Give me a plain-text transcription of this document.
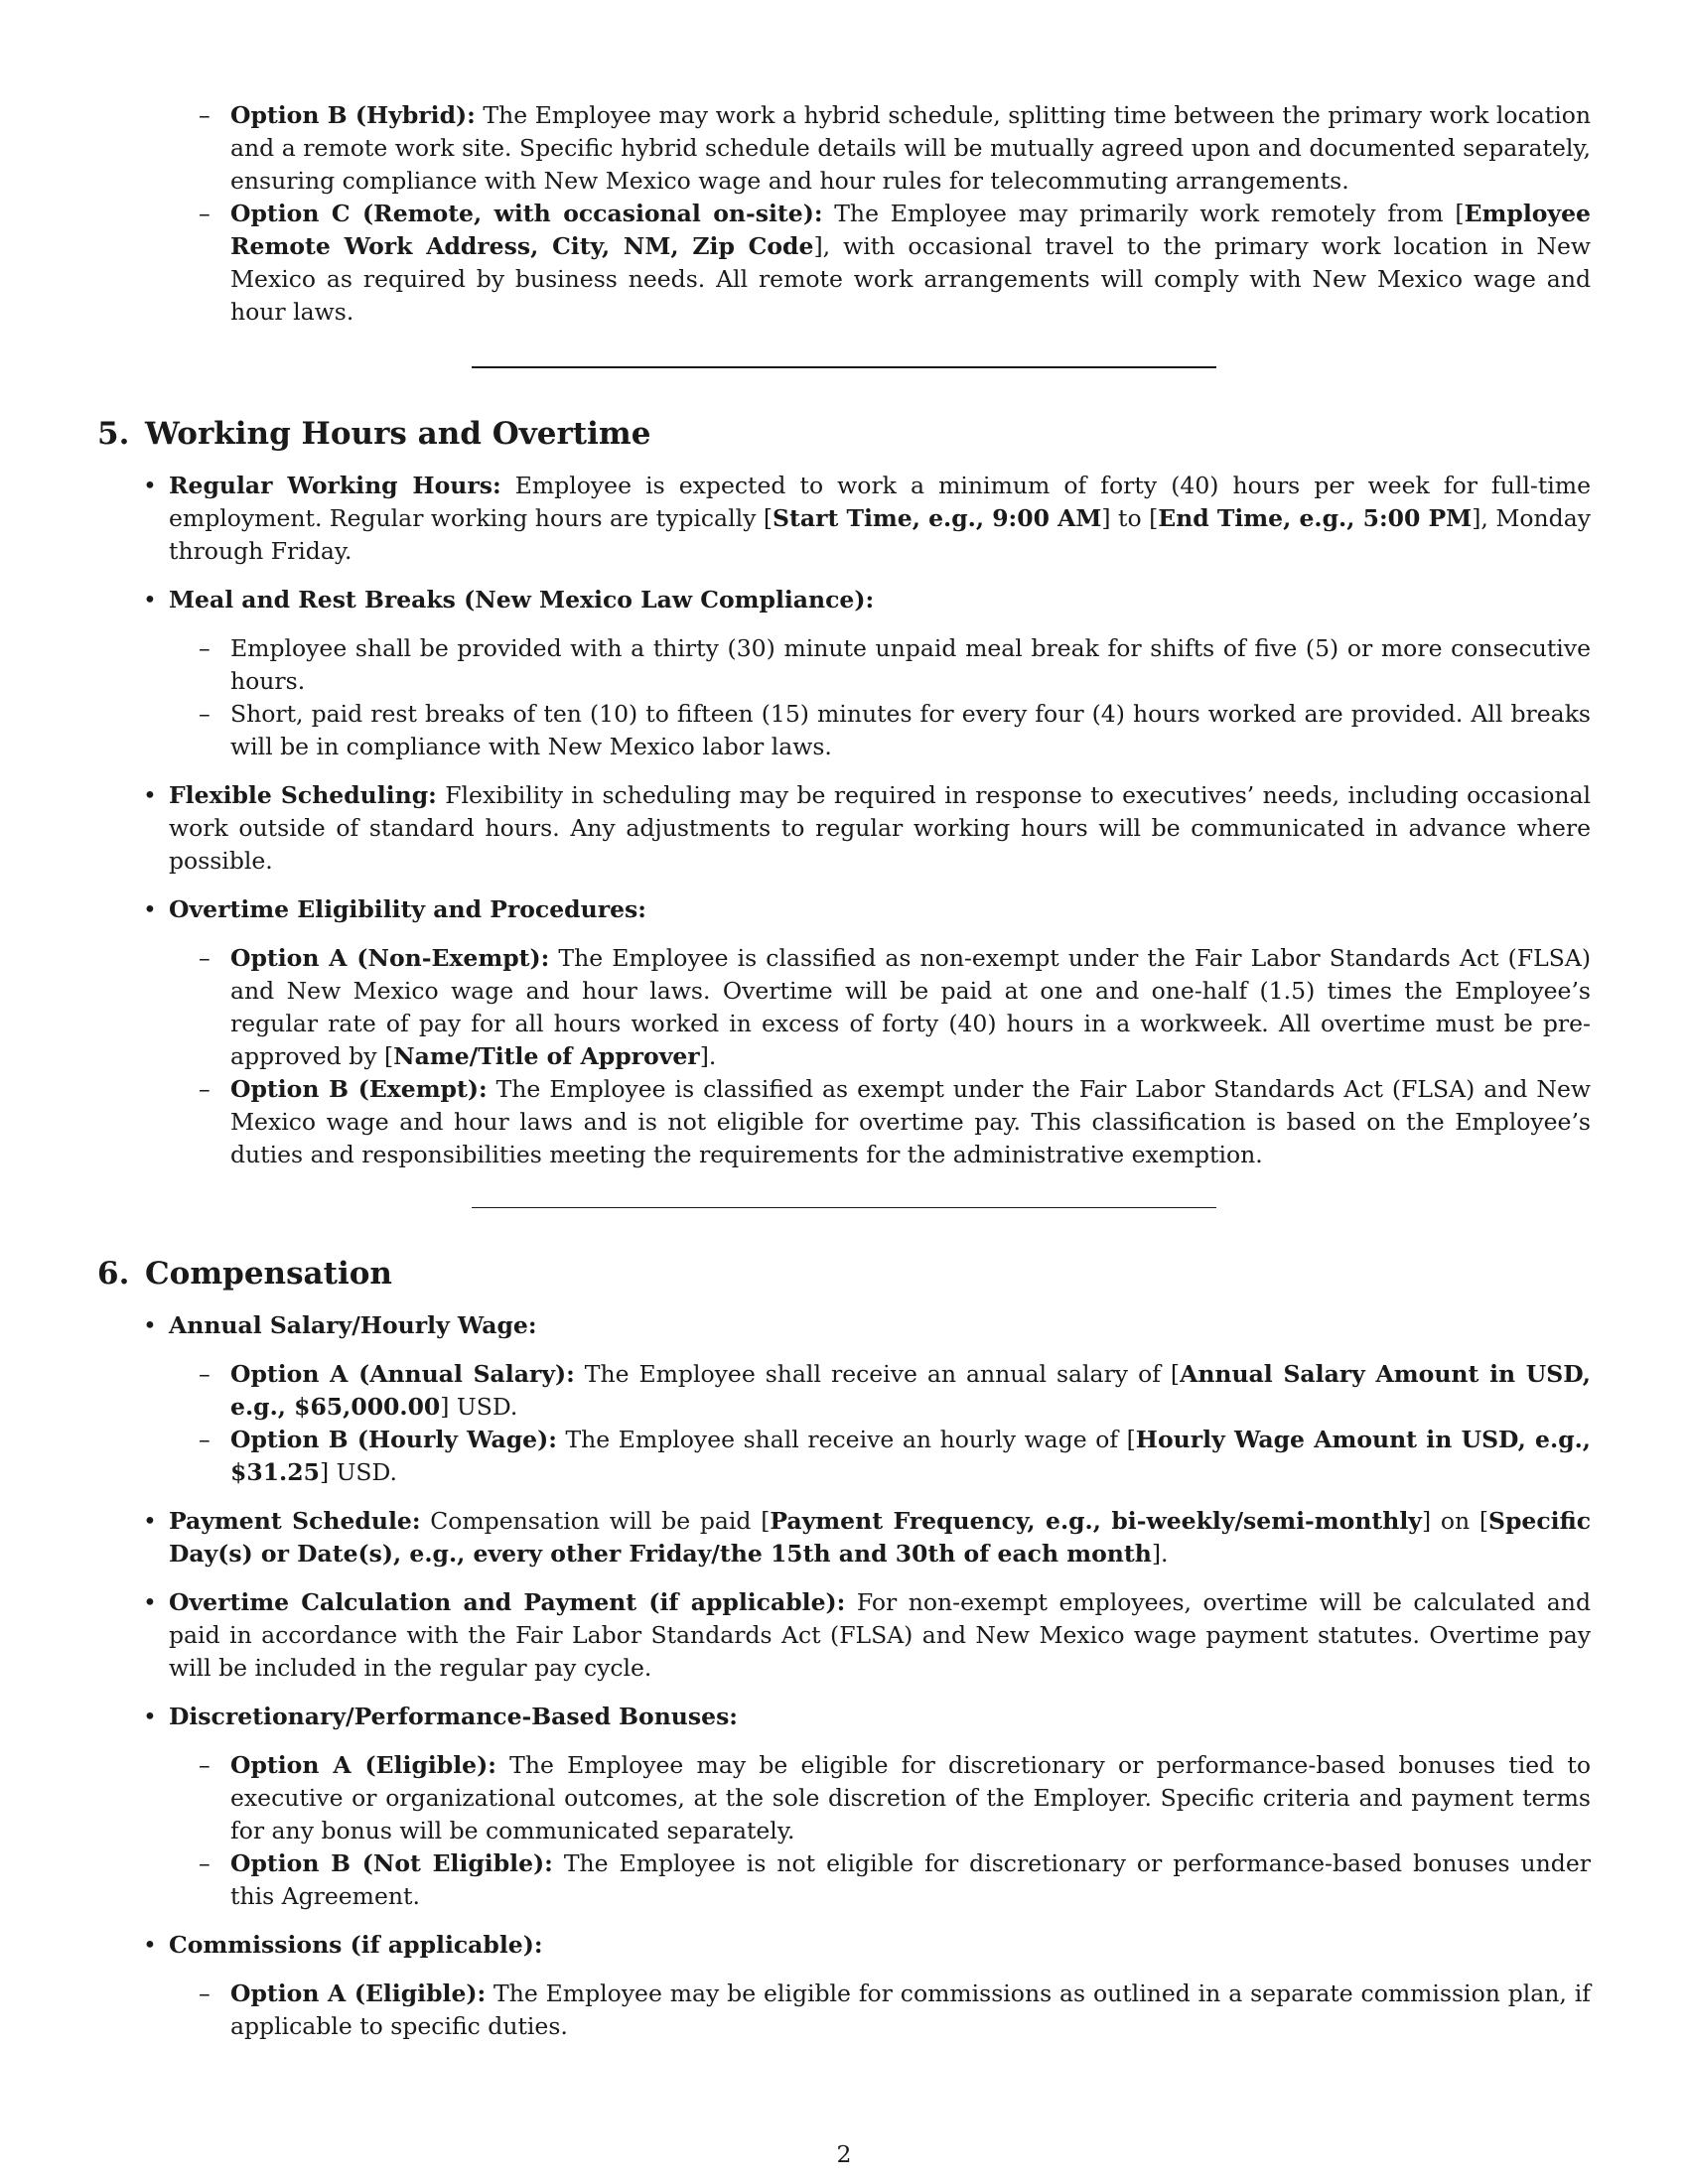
– Option B (Hybrid): The Employee may work a hybrid schedule, splitting time between the primary work location and a remote work site. Specific hybrid schedule details will be mutually agreed upon and documented separately, ensuring compliance with New Mexico wage and hour rules for telecommuting arrangements.

– Option C (Remote, with occasional on-site): The Employee may primarily work remotely from [Employee Remote Work Address, City, NM, Zip Code], with occasional travel to the primary work location in New Mexico as required by business needs. All remote work arrangements will comply with New Mexico wage and hour laws.

5. Working Hours and Overtime

• Regular Working Hours: Employee is expected to work a minimum of forty (40) hours per week for full-time employment. Regular working hours are typically [Start Time, e.g., 9:00 AM] to [End Time, e.g., 5:00 PM], Monday through Friday.

• Meal and Rest Breaks (New Mexico Law Compliance):

– Employee shall be provided with a thirty (30) minute unpaid meal break for shifts of five (5) or more consecutive hours.

– Short, paid rest breaks of ten (10) to fifteen (15) minutes for every four (4) hours worked are provided. All breaks will be in compliance with New Mexico labor laws.

• Flexible Scheduling: Flexibility in scheduling may be required in response to executives’ needs, including occasional work outside of standard hours. Any adjustments to regular working hours will be communicated in advance where possible.

• Overtime Eligibility and Procedures:

– Option A (Non-Exempt): The Employee is classified as non-exempt under the Fair Labor Standards Act (FLSA) and New Mexico wage and hour laws. Overtime will be paid at one and one-half (1.5) times the Employee’s regular rate of pay for all hours worked in excess of forty (40) hours in a workweek. All overtime must be pre-approved by [Name/Title of Approver].

– Option B (Exempt): The Employee is classified as exempt under the Fair Labor Standards Act (FLSA) and New Mexico wage and hour laws and is not eligible for overtime pay. This classification is based on the Employee’s duties and responsibilities meeting the requirements for the administrative exemption.

6. Compensation

• Annual Salary/Hourly Wage:

– Option A (Annual Salary): The Employee shall receive an annual salary of [Annual Salary Amount in USD, e.g., $65,000.00] USD.

– Option B (Hourly Wage): The Employee shall receive an hourly wage of [Hourly Wage Amount in USD, e.g., $31.25] USD.

• Payment Schedule: Compensation will be paid [Payment Frequency, e.g., bi-weekly/semi-monthly] on [Specific Day(s) or Date(s), e.g., every other Friday/the 15th and 30th of each month].

• Overtime Calculation and Payment (if applicable): For non-exempt employees, overtime will be calculated and paid in accordance with the Fair Labor Standards Act (FLSA) and New Mexico wage payment statutes. Overtime pay will be included in the regular pay cycle.

• Discretionary/Performance-Based Bonuses:

– Option A (Eligible): The Employee may be eligible for discretionary or performance-based bonuses tied to executive or organizational outcomes, at the sole discretion of the Employer. Specific criteria and payment terms for any bonus will be communicated separately.

– Option B (Not Eligible): The Employee is not eligible for discretionary or performance-based bonuses under this Agreement.

• Commissions (if applicable):

– Option A (Eligible): The Employee may be eligible for commissions as outlined in a separate commission plan, if applicable to specific duties.

2
